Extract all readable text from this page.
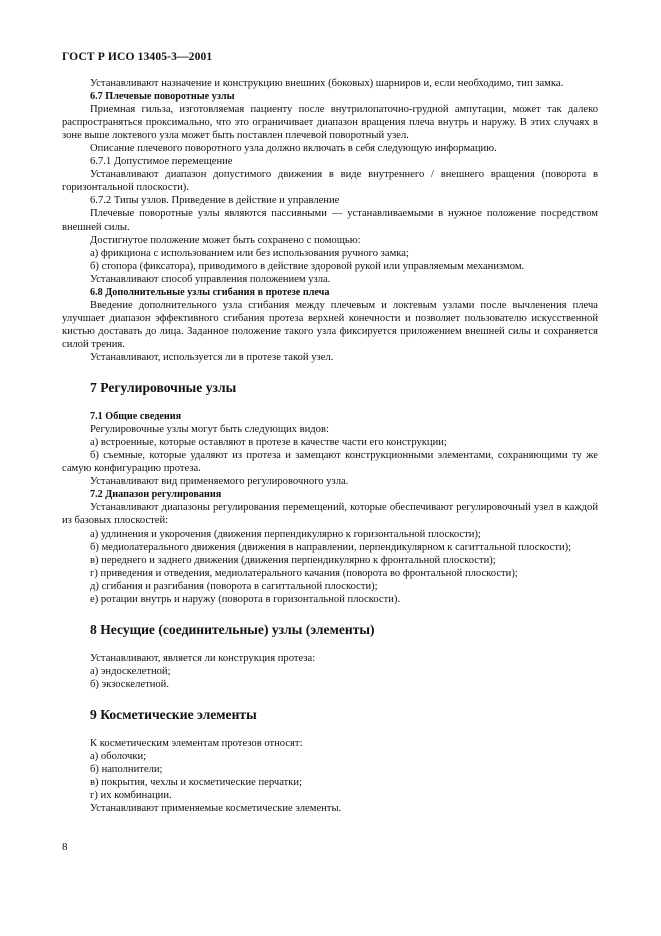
ГОСТ Р ИСО 13405-3—2001

Устанавливают назначение и конструкцию внешних (боковых) шарниров и, если необходимо, тип замка.

6.7 Плечевые поворотные узлы

Приемная гильза, изготовляемая пациенту после внутрилопаточно-грудной ампутации, может так далеко распространяться проксимально, что это ограничивает диапазон вращения плеча внутрь и наружу. В этих случаях в зоне выше локтевого узла может быть поставлен плечевой поворотный узел.

Описание плечевого поворотного узла должно включать в себя следующую информацию.

6.7.1 Допустимое перемещение

Устанавливают диапазон допустимого движения в виде внутреннего / внешнего вращения (поворота в горизонтальной плоскости).

6.7.2 Типы узлов. Приведение в действие и управление

Плечевые поворотные узлы являются пассивными — устанавливаемыми в нужное положение посредством внешней силы.

Достигнутое положение может быть сохранено с помощью:

а) фрикциона с использованием или без использования ручного замка;

б) стопора (фиксатора), приводимого в действие здоровой рукой или управляемым механизмом.

Устанавливают способ управления положением узла.

6.8 Дополнительные узлы сгибания в протезе плеча

Введение дополнительного узла сгибания между плечевым и локтевым узлами после вычленения плеча улучшает диапазон эффективного сгибания протеза верхней конечности и позволяет пользователю искусственной кистью доставать до лица. Заданное положение такого узла фиксируется приложением внешней силы и сохраняется силой трения.

Устанавливают, используется ли в протезе такой узел.

7 Регулировочные узлы

7.1 Общие сведения

Регулировочные узлы могут быть следующих видов:

а) встроенные, которые оставляют в протезе в качестве части его конструкции;

б) съемные, которые удаляют из протеза и замещают конструкционными элементами, сохраняющими ту же самую конфигурацию протеза.

Устанавливают вид применяемого регулировочного узла.

7.2 Диапазон регулирования

Устанавливают диапазоны регулирования перемещений, которые обеспечивают регулировочный узел в каждой из базовых плоскостей:

а) удлинения и укорочения (движения перпендикулярно к горизонтальной плоскости);

б) медиолатерального движения (движения в направлении, перпендикулярном к сагиттальной плоскости);

в) переднего и заднего движения (движения перпендикулярно к фронтальной плоскости);

г) приведения и отведения, медиолатерального качания (поворота во фронтальной плоскости);

д) сгибания и разгибания (поворота в сагиттальной плоскости);

е) ротации внутрь и наружу (поворота в горизонтальной плоскости).

8 Несущие (соединительные) узлы (элементы)

Устанавливают, является ли конструкция протеза:

а) эндоскелетной;

б) экзоскелетной.

9 Косметические элементы

К косметическим элементам протезов относят:

а) оболочки;

б) наполнители;

в) покрытия, чехлы и косметические перчатки;

г) их комбинации.

Устанавливают применяемые косметические элементы.

8
